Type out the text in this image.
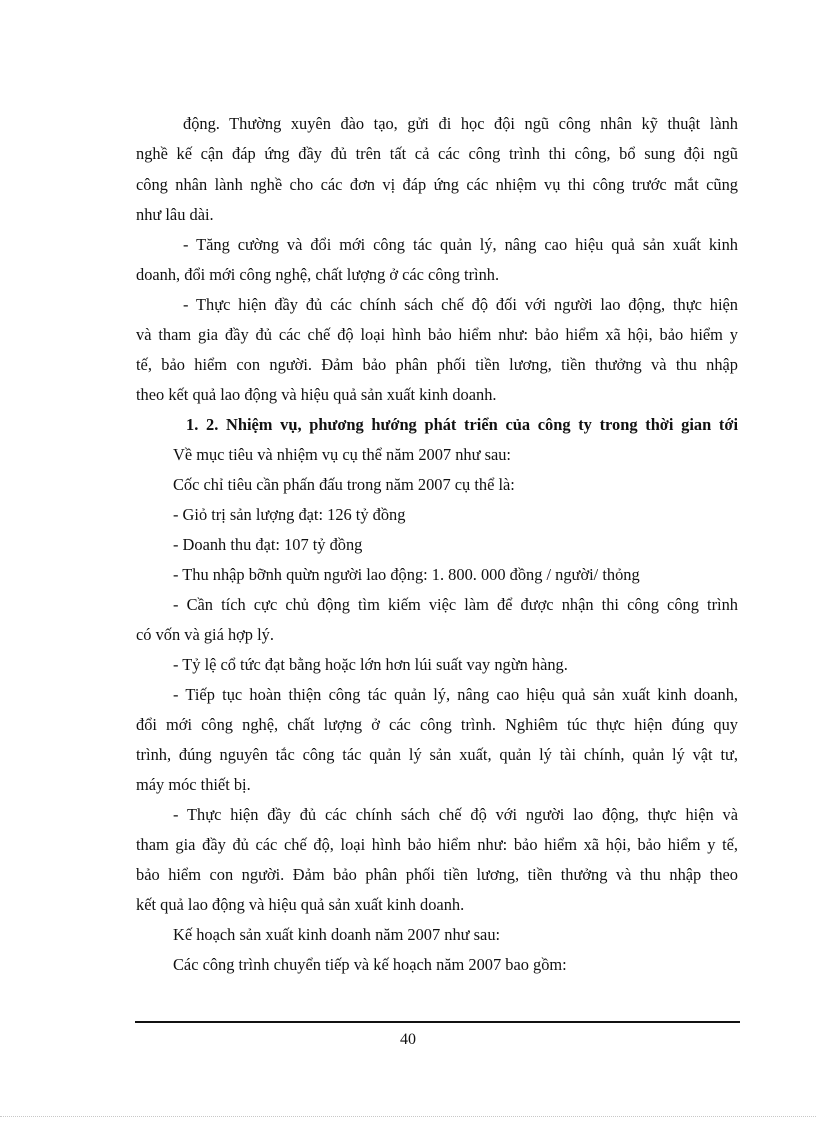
động. Thường xuyên đào tạo, gửi đi học đội ngũ công nhân kỹ thuật lành
nghề kế cận đáp ứng đầy đủ trên tất cả các công trình thi công, bổ sung đội ngũ
công nhân lành nghề cho các đơn vị đáp ứng các nhiệm vụ thi công trước mắt cũng
như lâu dài.
- Tăng cường và đổi mới công tác quản lý, nâng cao hiệu quả sản xuất kinh
doanh, đổi mới công nghệ, chất lượng ở các công trình.
- Thực hiện đầy đủ các chính sách chế độ đối với người lao động, thực hiện
và tham gia đầy đủ các chế độ loại hình bảo hiểm như: bảo hiểm xã hội, bảo hiểm y
tế, bảo hiểm con người. Đảm bảo phân phối tiền lương, tiền thưởng và thu nhập
theo kết quả lao động và hiệu quả sản xuất kinh doanh.
1. 2. Nhiệm vụ, phương hướng phát triển của công ty trong thời gian tới
Về mục tiêu và nhiệm vụ cụ thể năm 2007 như sau:
Cốc chỉ tiêu cần phấn đấu trong năm 2007 cụ thể là:
- Giỏ trị sản lượng đạt: 126 tỷ đồng
- Doanh thu đạt: 107 tỷ đồng
- Thu nhập bỡnh quừn người lao động: 1. 800. 000 đồng / người/ thỏng
- Cần tích cực chủ động tìm kiếm việc làm để được nhận thi công công trình
có vốn và giá hợp lý.
- Tỷ lệ cổ tức đạt bằng hoặc lớn hơn lúi suất vay ngừn hàng.
- Tiếp tục hoàn thiện công tác quản lý, nâng cao hiệu quả sản xuất kinh doanh,
đổi mới công nghệ, chất lượng ở các công trình. Nghiêm túc thực hiện đúng quy
trình, đúng nguyên tắc công tác quản lý sản xuất, quản lý tài chính, quản lý vật tư,
máy móc thiết bị.
- Thực hiện đầy đủ các chính sách chế độ với người lao động, thực hiện và
tham gia đầy đủ các chế độ, loại hình bảo hiểm như: bảo hiểm xã hội, bảo hiểm y tế,
bảo hiểm con người. Đảm bảo phân phối tiền lương, tiền thưởng và thu nhập theo
kết quả lao động và hiệu quả sản xuất kinh doanh.
Kế hoạch sản xuất kinh doanh năm 2007 như sau:
Các công trình chuyển tiếp và kế hoạch năm 2007 bao gồm:
40
